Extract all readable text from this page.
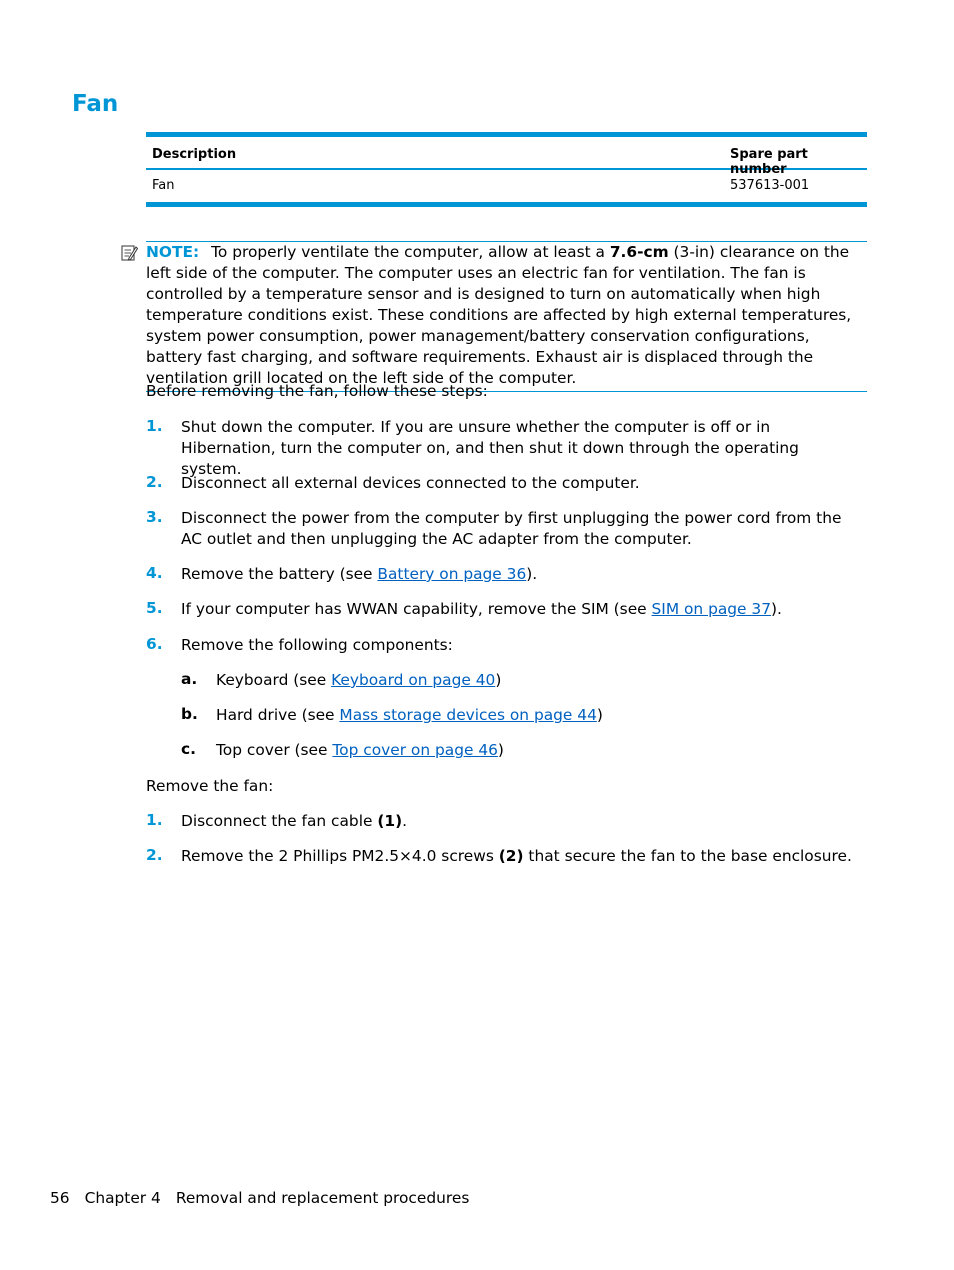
Fan
Description	Spare part number
Fan	537613-001
NOTE: To properly ventilate the computer, allow at least a 7.6-cm (3-in) clearance on the left side of the computer. The computer uses an electric fan for ventilation. The fan is controlled by a temperature sensor and is designed to turn on automatically when high temperature conditions exist. These conditions are affected by high external temperatures, system power consumption, power management/battery conservation configurations, battery fast charging, and software requirements. Exhaust air is displaced through the ventilation grill located on the left side of the computer.

Before removing the fan, follow these steps:

1. Shut down the computer. If you are unsure whether the computer is off or in Hibernation, turn the computer on, and then shut it down through the operating system.
2. Disconnect all external devices connected to the computer.
3. Disconnect the power from the computer by first unplugging the power cord from the AC outlet and then unplugging the AC adapter from the computer.
4. Remove the battery (see Battery on page 36).
5. If your computer has WWAN capability, remove the SIM (see SIM on page 37).
6. Remove the following components:
a. Keyboard (see Keyboard on page 40)
b. Hard drive (see Mass storage devices on page 44)
c. Top cover (see Top cover on page 46)

Remove the fan:

1. Disconnect the fan cable (1).
2. Remove the 2 Phillips PM2.5×4.0 screws (2) that secure the fan to the base enclosure.
56 Chapter 4 Removal and replacement procedures
